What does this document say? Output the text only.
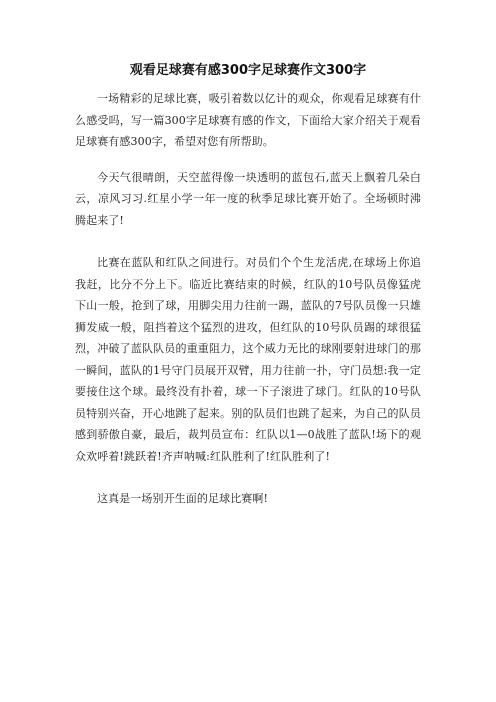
观看足球赛有感300字足球赛作文300字

一场精彩的足球比赛，吸引着数以亿计的观众，你观看足球赛有什么感受吗，写一篇300字足球赛有感的作文，下面给大家介绍关于观看足球赛有感300字，希望对您有所帮助。

今天气很晴朗，天空蓝得像一块透明的蓝包石,蓝天上飘着几朵白云，凉风习习.红星小学一年一度的秋季足球比赛开始了。全场顿时沸腾起来了!

比赛在蓝队和红队之间进行。对员们个个生龙活虎,在球场上你追我赶，比分不分上下。临近比赛结束的时候，红队的10号队员像猛虎下山一般，抢到了球，用脚尖用力往前一踢，蓝队的7号队员像一只雄狮发威一般，阻挡着这个猛烈的进攻，但红队的10号队员踢的球很猛烈，冲破了蓝队队员的重重阻力，这个威力无比的球刚要射进球门的那一瞬间，蓝队的1号守门员展开双臂，用力往前一扑，守门员想:我一定要接住这个球。最终没有扑着，球一下子滚进了球门。红队的10号队员特别兴奋，开心地跳了起来。别的队员们也跳了起来，为自己的队员感到骄傲自豪，最后，裁判员宣布：红队以1—0战胜了蓝队!场下的观众欢呼着!跳跃着!齐声呐喊:红队胜利了!红队胜利了!

这真是一场别开生面的足球比赛啊!
